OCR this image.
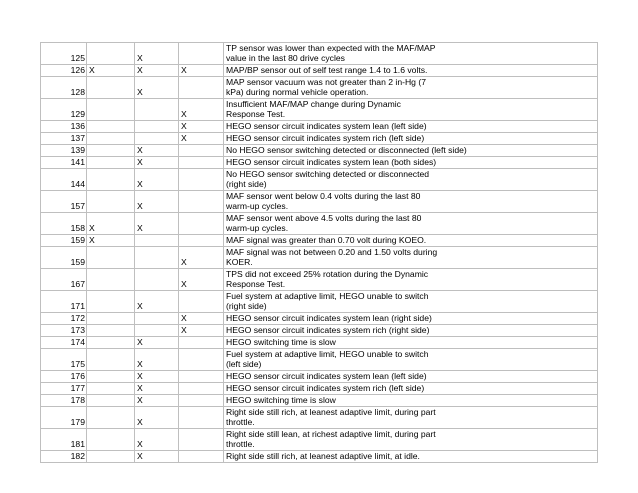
125		X		TP sensor was lower than expected with the MAF/MAP
value in the last 80 drive cycles
126	X	X	X	MAP/BP sensor out of self test range 1.4 to 1.6 volts.
128		X		MAP sensor vacuum was not greater than 2 in-Hg (7
kPa) during normal vehicle operation.
129			X	Insufficient MAF/MAP change during Dynamic
Response Test.
136			X	HEGO sensor circuit indicates system lean (left side)
137			X	HEGO sensor circuit indicates system rich (left side)
139		X		No HEGO sensor switching detected or disconnected (left side)
141		X		HEGO sensor circuit indicates system lean (both sides)
144		X		No HEGO sensor switching detected or disconnected
(right side)
157		X		MAF sensor went below 0.4 volts during the last 80
warm-up cycles.
158	X	X		MAF sensor went above 4.5 volts during the last 80
warm-up cycles.
159	X			MAF signal was greater than 0.70 volt during KOEO.
159			X	MAF signal was not between 0.20 and 1.50 volts during
KOER.
167			X	TPS did not exceed 25% rotation during the Dynamic
Response Test.
171		X		Fuel system at adaptive limit, HEGO unable to switch
(right side)
172			X	HEGO sensor circuit indicates system lean (right side)
173			X	HEGO sensor circuit indicates system rich (right side)
174		X		HEGO switching time is slow
175		X		Fuel system at adaptive limit, HEGO unable to switch
(left side)
176		X		HEGO sensor circuit indicates system lean (left side)
177		X		HEGO sensor circuit indicates system rich (left side)
178		X		HEGO switching time is slow
179		X		Right side still rich, at leanest adaptive limit, during part
throttle.
181		X		Right side still lean, at richest adaptive limit, during part
throttle.
182		X		Right side still rich, at leanest adaptive limit, at idle.
